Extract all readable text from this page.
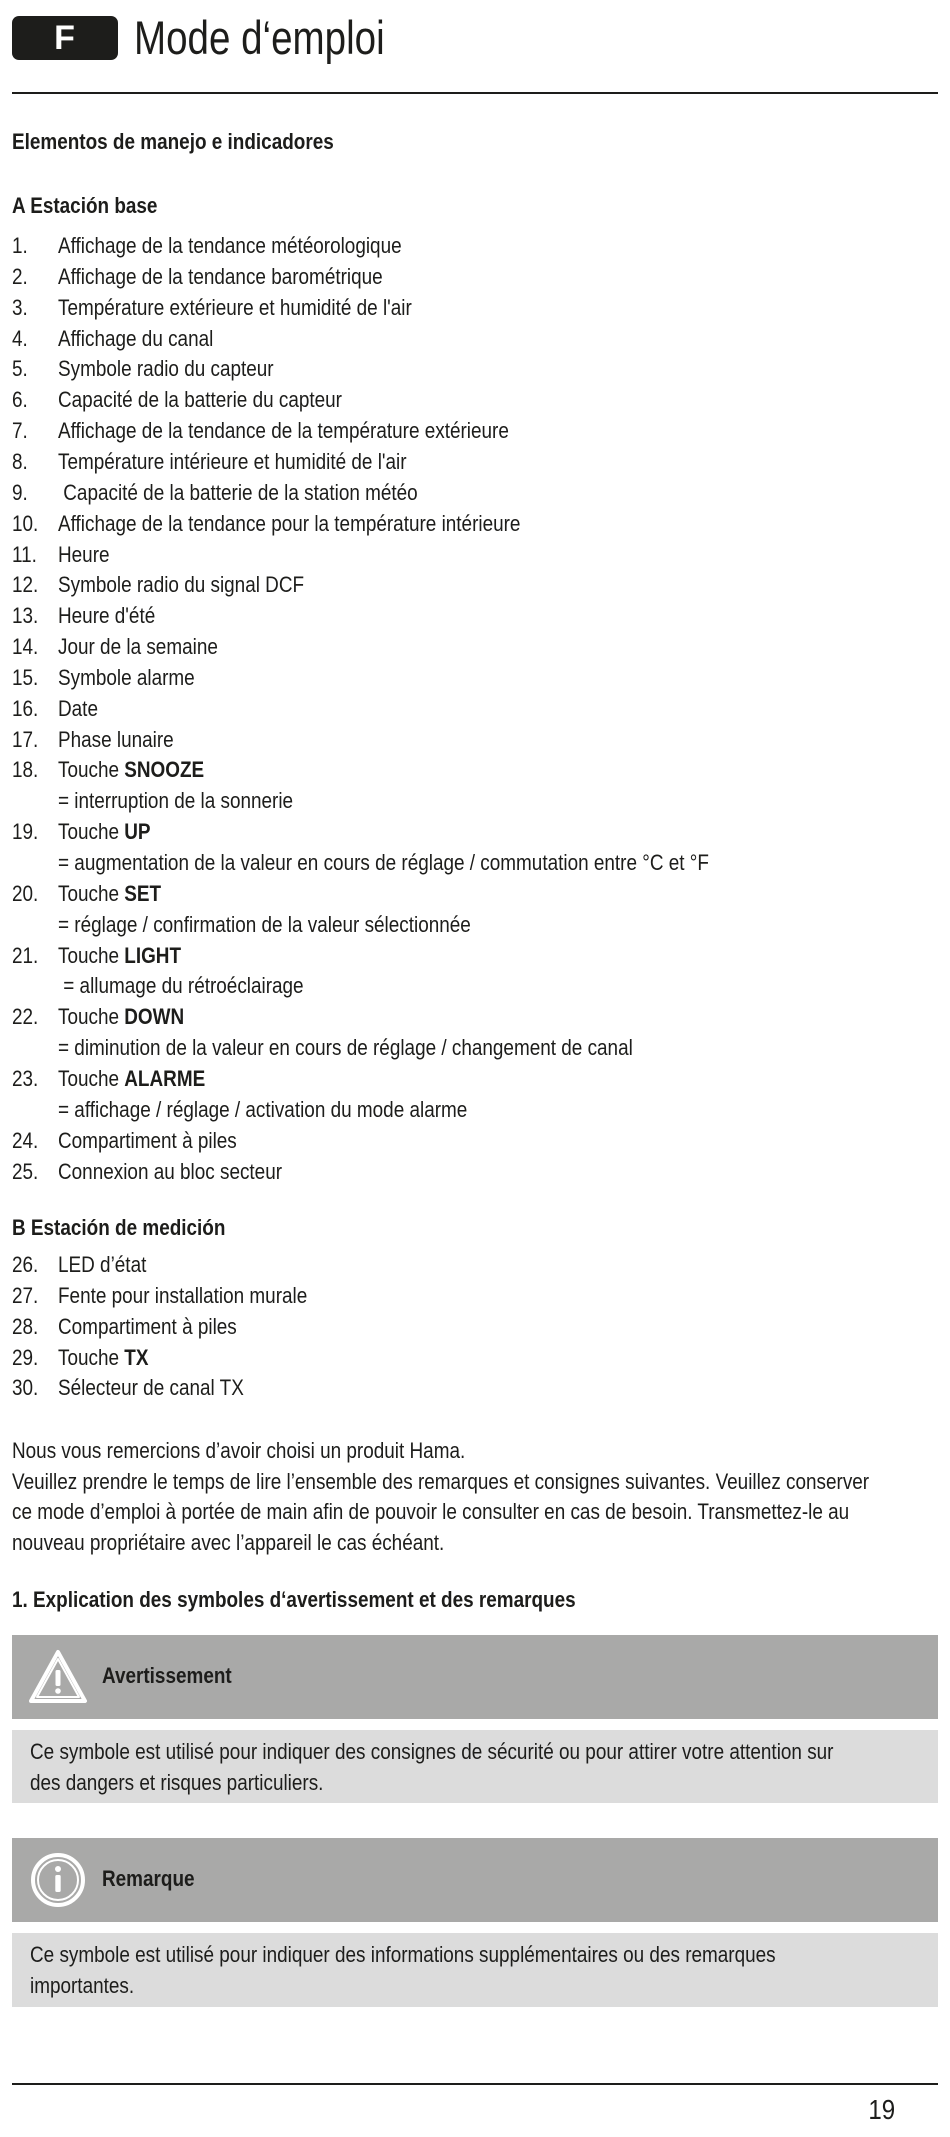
F	Mode d‘emploi
Elementos de manejo e indicadores
A Estación base
1. Affichage de la tendance météorologique
2. Affichage de la tendance barométrique
3. Température extérieure et humidité de l'air
4. Affichage du canal
5. Symbole radio du capteur
6. Capacité de la batterie du capteur
7. Affichage de la tendance de la température extérieure
8. Température intérieure et humidité de l'air
9. Capacité de la batterie de la station météo
10. Affichage de la tendance pour la température intérieure
11. Heure
12. Symbole radio du signal DCF
13. Heure d'été
14. Jour de la semaine
15. Symbole alarme
16. Date
17. Phase lunaire
18. Touche SNOOZE
= interruption de la sonnerie
19. Touche UP
= augmentation de la valeur en cours de réglage / commutation entre °C et °F
20. Touche SET
= réglage / confirmation de la valeur sélectionnée
21. Touche LIGHT
= allumage du rétroéclairage
22. Touche DOWN
= diminution de la valeur en cours de réglage / changement de canal
23. Touche ALARME
= affichage / réglage / activation du mode alarme
24. Compartiment à piles
25. Connexion au bloc secteur
B Estación de medición
26. LED d’état
27. Fente pour installation murale
28. Compartiment à piles
29. Touche TX
30. Sélecteur de canal TX
Nous vous remercions d’avoir choisi un produit Hama.
Veuillez prendre le temps de lire l’ensemble des remarques et consignes suivantes. Veuillez conserver
ce mode d’emploi à portée de main afin de pouvoir le consulter en cas de besoin. Transmettez-le au
nouveau propriétaire avec l’appareil le cas échéant.
1. Explication des symboles d‘avertissement et des remarques
Avertissement
Ce symbole est utilisé pour indiquer des consignes de sécurité ou pour attirer votre attention sur
des dangers et risques particuliers.
Remarque
Ce symbole est utilisé pour indiquer des informations supplémentaires ou des remarques
importantes.
19
